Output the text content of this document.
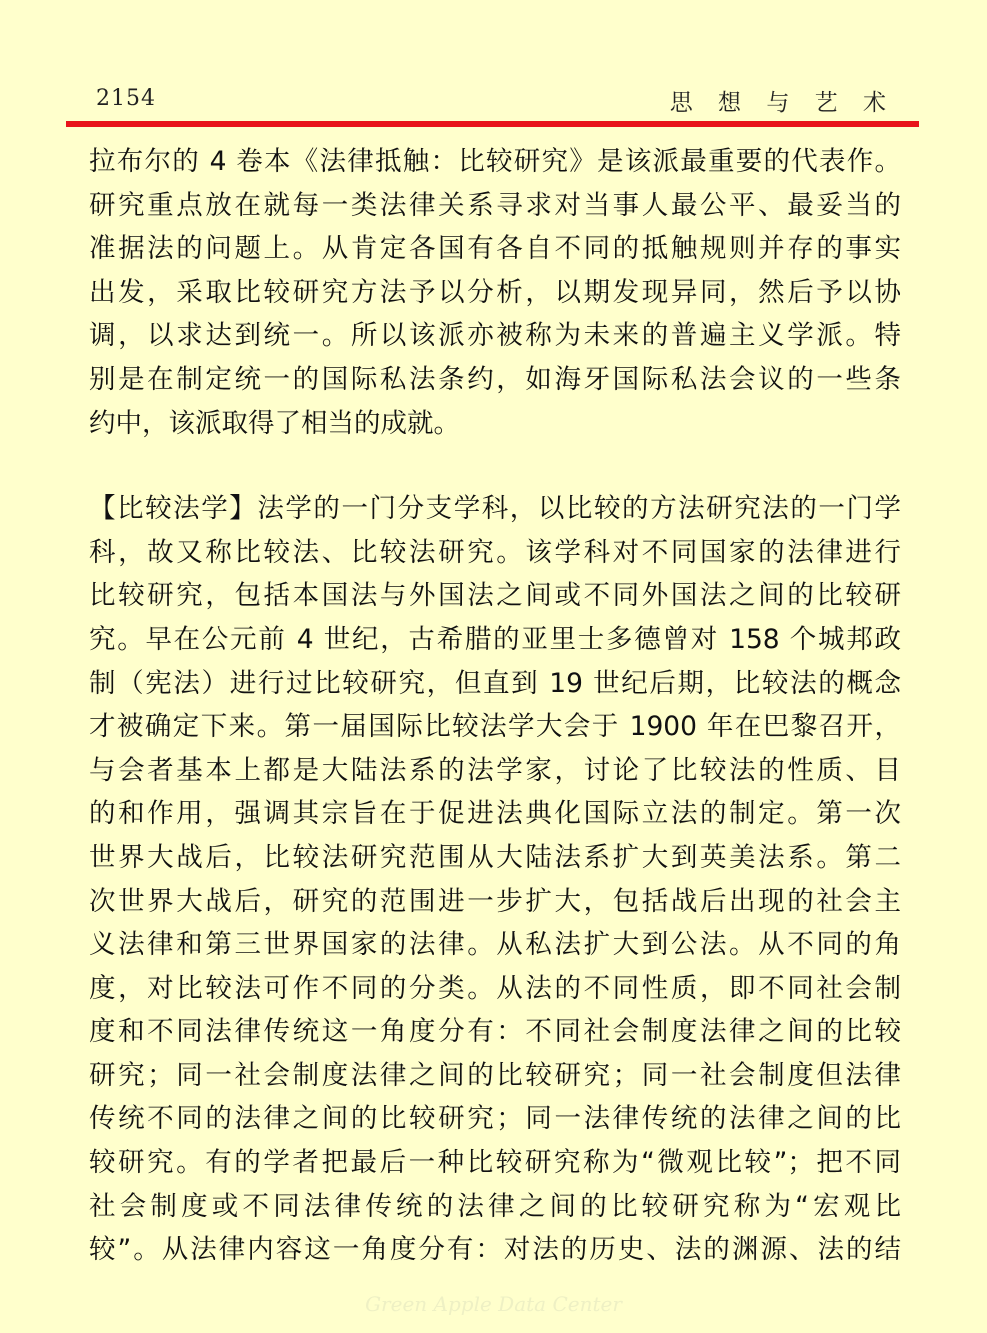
2154	思 想 与 艺 术
拉布尔的 4 卷本《法律抵触：比较研究》是该派最重要的代表作。
研究重点放在就每一类法律关系寻求对当事人最公平、最妥当的
准据法的问题上。从肯定各国有各自不同的抵触规则并存的事实
出发，采取比较研究方法予以分析，以期发现异同，然后予以协
调，以求达到统一。所以该派亦被称为未来的普遍主义学派。特
别是在制定统一的国际私法条约，如海牙国际私法会议的一些条
约中，该派取得了相当的成就。
【比较法学】法学的一门分支学科，以比较的方法研究法的一门学
科，故又称比较法、比较法研究。该学科对不同国家的法律进行
比较研究，包括本国法与外国法之间或不同外国法之间的比较研
究。早在公元前 4 世纪，古希腊的亚里士多德曾对 158 个城邦政
制（宪法）进行过比较研究，但直到 19 世纪后期，比较法的概念
才被确定下来。第一届国际比较法学大会于 1900 年在巴黎召开，
与会者基本上都是大陆法系的法学家，讨论了比较法的性质、目
的和作用，强调其宗旨在于促进法典化国际立法的制定。第一次
世界大战后，比较法研究范围从大陆法系扩大到英美法系。第二
次世界大战后，研究的范围进一步扩大，包括战后出现的社会主
义法律和第三世界国家的法律。从私法扩大到公法。从不同的角
度，对比较法可作不同的分类。从法的不同性质，即不同社会制
度和不同法律传统这一角度分有：不同社会制度法律之间的比较
研究；同一社会制度法律之间的比较研究；同一社会制度但法律
传统不同的法律之间的比较研究；同一法律传统的法律之间的比
较研究。有的学者把最后一种比较研究称为“微观比较”；把不同
社会制度或不同法律传统的法律之间的比较研究称为“宏观比
较”。从法律内容这一角度分有：对法的历史、法的渊源、法的结
Green Apple Data Center
